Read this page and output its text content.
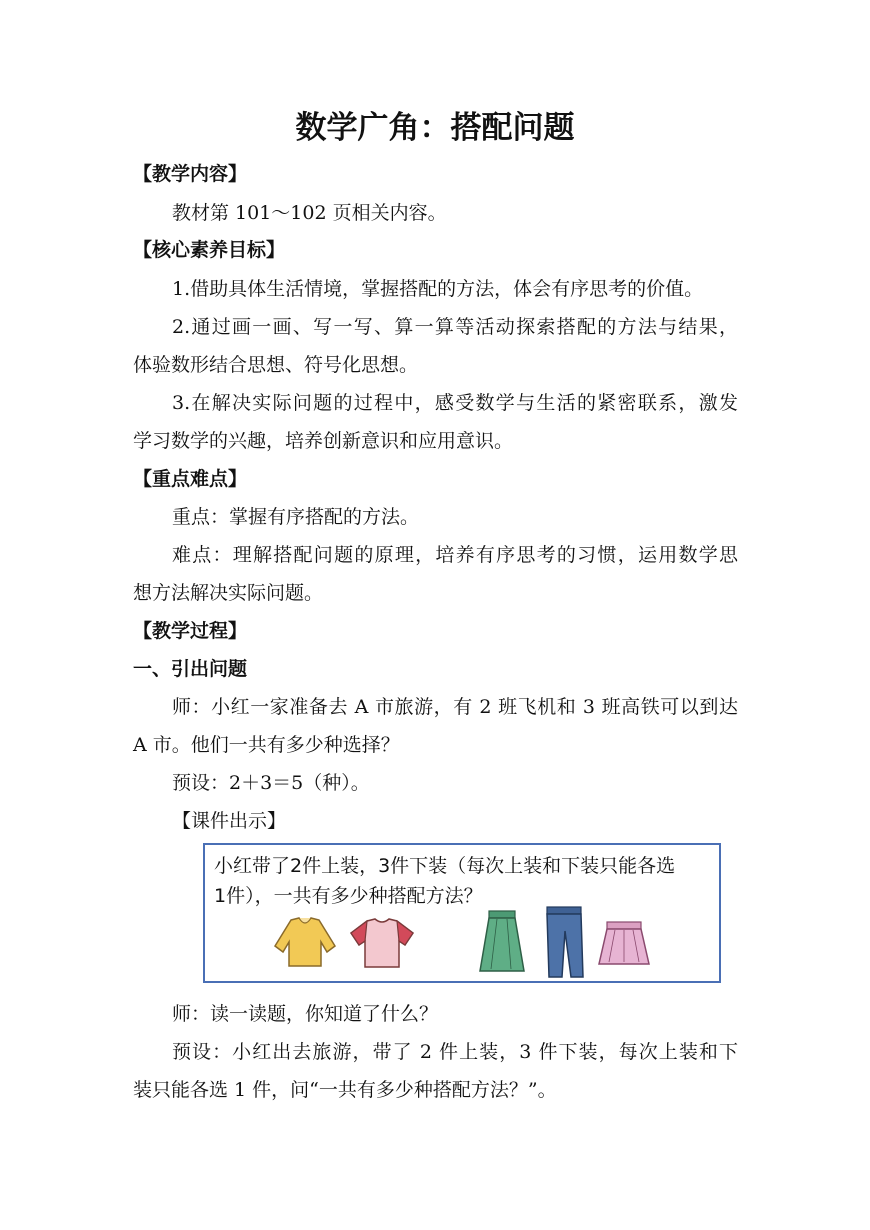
数学广角：搭配问题
【教学内容】
教材第 101～102 页相关内容。
【核心素养目标】
1.借助具体生活情境，掌握搭配的方法，体会有序思考的价值。
2.通过画一画、写一写、算一算等活动探索搭配的方法与结果，
体验数形结合思想、符号化思想。
3.在解决实际问题的过程中，感受数学与生活的紧密联系，激发
学习数学的兴趣，培养创新意识和应用意识。
【重点难点】
重点：掌握有序搭配的方法。
难点：理解搭配问题的原理，培养有序思考的习惯，运用数学思
想方法解决实际问题。
【教学过程】
一、引出问题
师：小红一家准备去 A 市旅游，有 2 班飞机和 3 班高铁可以到达
A 市。他们一共有多少种选择？
预设：2＋3＝5（种）。
【课件出示】
小红带了2件上装，3件下装（每次上装和下装只能各选
1件），一共有多少种搭配方法？
师：读一读题，你知道了什么？
预设：小红出去旅游，带了 2 件上装，3 件下装，每次上装和下
装只能各选 1 件，问“一共有多少种搭配方法？”。
